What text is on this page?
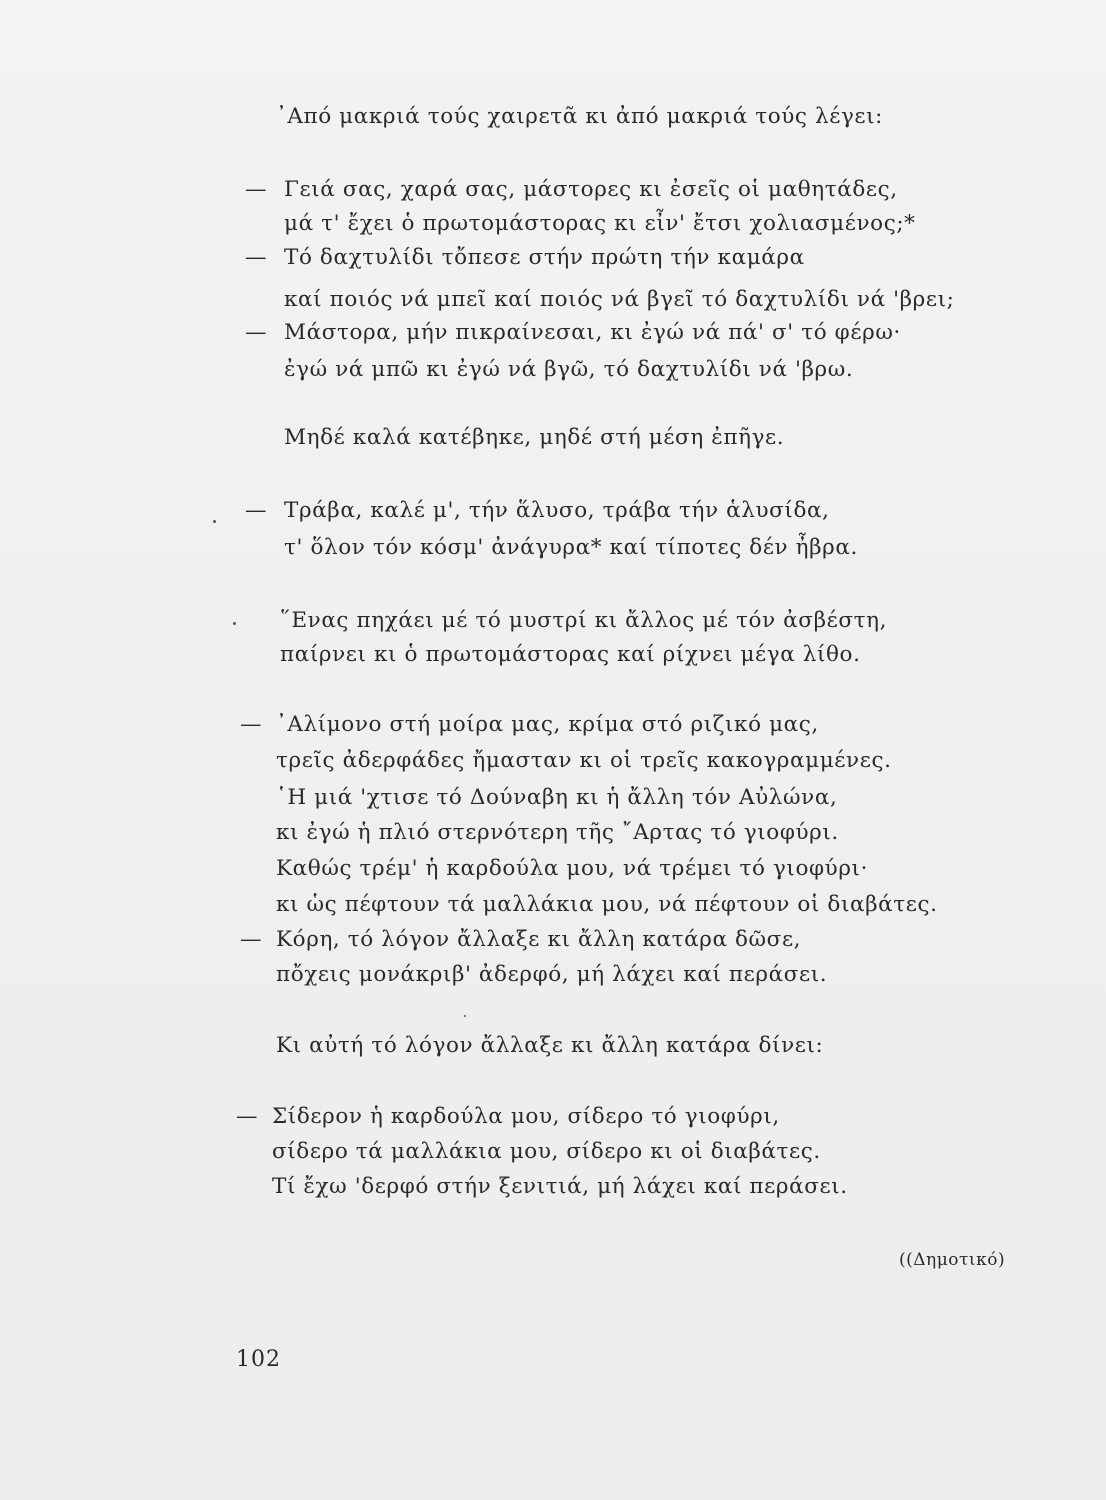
᾿Από μακριά τούς χαιρετᾶ κι ἀπό μακριά τούς λέγει:
— Γειά σας, χαρά σας, μάστορες κι ἐσεῖς οἱ μαθητάδες,
μά τ' ἔχει ὁ πρωτομάστορας κι εἶν' ἔτσι χολιασμένος;*
— Τό δαχτυλίδι τὄπεσε στήν πρώτη τήν καμάρα
καί ποιός νά μπεῖ καί ποιός νά βγεῖ τό δαχτυλίδι νά 'βρει;
— Μάστορα, μήν πικραίνεσαι, κι ἐγώ νά πά' σ' τό φέρω·
ἐγώ νά μπῶ κι ἐγώ νά βγῶ, τό δαχτυλίδι νά 'βρω.
Μηδέ καλά κατέβηκε, μηδέ στή μέση ἐπῆγε.
— Τράβα, καλέ μ', τήν ἅλυσο, τράβα τήν ἁλυσίδα,
τ' ὅλον τόν κόσμ' ἀνάγυρα* καί τίποτες δέν ἦβρα.
῞Ενας πηχάει μέ τό μυστρί κι ἄλλος μέ τόν ἀσβέστη,
παίρνει κι ὁ πρωτομάστορας καί ρίχνει μέγα λίθο.
— ᾿Αλίμονο στή μοίρα μας, κρίμα στό ριζικό μας,
τρεῖς ἀδερφάδες ἤμασταν κι οἱ τρεῖς κακογραμμένες.
῾Η μιά 'χτισε τό Δούναβη κι ἡ ἄλλη τόν Αὐλώνα,
κι ἐγώ ἡ πλιό στερνότερη τῆς ῎Αρτας τό γιοφύρι.
Καθώς τρέμ' ἡ καρδούλα μου, νά τρέμει τό γιοφύρι·
κι ὡς πέφτουν τά μαλλάκια μου, νά πέφτουν οἱ διαβάτες.
— Κόρη, τό λόγον ἄλλαξε κι ἄλλη κατάρα δῶσε,
πὄχεις μονάκριβ' ἀδερφό, μή λάχει καί περάσει.
Κι αὐτή τό λόγον ἄλλαξε κι ἄλλη κατάρα δίνει:
— Σίδερον ἡ καρδούλα μου, σίδερο τό γιοφύρι,
σίδερο τά μαλλάκια μου, σίδερο κι οἱ διαβάτες.
Τί ἔχω 'δερφό στήν ξενιτιά, μή λάχει καί περάσει.
((Δημοτικό)
102
